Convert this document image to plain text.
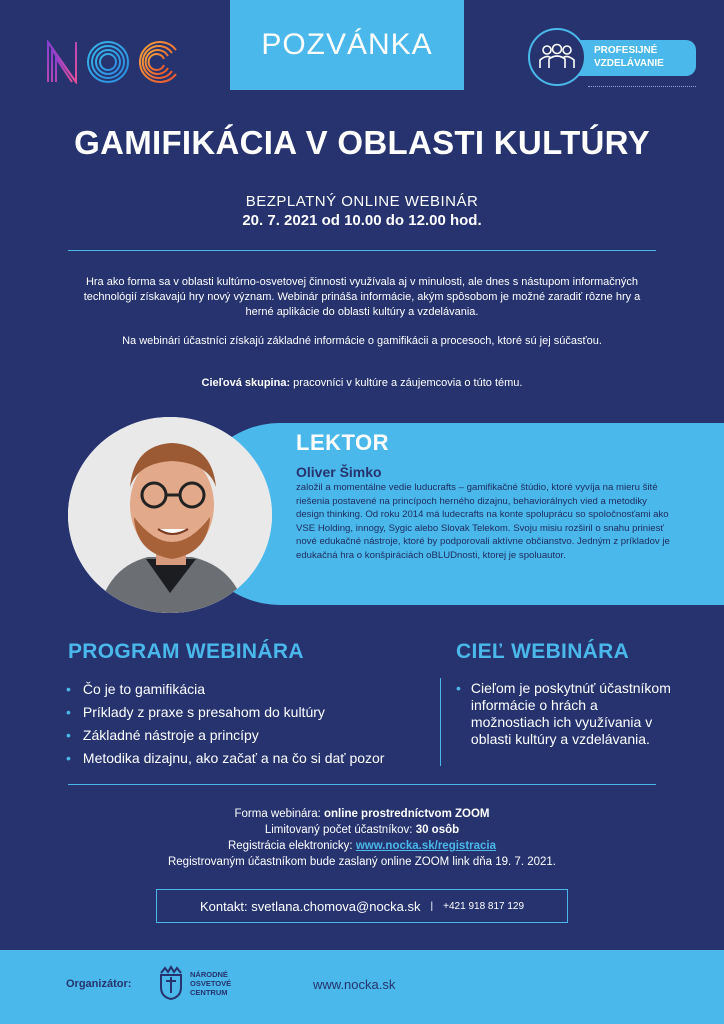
POZVÁNKA	PROFESIJNÉ
VZDELÁVANIE
GAMIFIKÁCIA V OBLASTI KULTÚRY
BEZPLATNÝ ONLINE WEBINÁR
20. 7. 2021 od 10.00 do 12.00 hod.

Hra ako forma sa v oblasti kultúrno-osvetovej činnosti využívala aj v minulosti, ale dnes s nástupom informačných technológií získavajú hry nový význam. Webinár prináša informácie, akým spôsobom je možné zaradiť rôzne hry a herné aplikácie do oblasti kultúry a vzdelávania.

Na webinári účastníci získajú základné informácie o gamifikácii a procesoch, ktoré sú jej súčasťou.

Cieľová skupina: pracovníci v kultúre a záujemcovia o túto tému.

LEKTOR
Oliver Šimko

založil a momentálne vedie luducrafts – gamifikačné štúdio, ktoré vyvíja na mieru šité riešenia postavené na princípoch herného dizajnu, behaviorálnych vied a metodiky design thinking. Od roku 2014 má ludecrafts na konte spoluprácu so spoločnosťami ako VSE Holding, innogy, Sygic alebo Slovak Telekom. Svoju misiu rozširil o snahu priniesť nové edukačné nástroje, ktoré by podporovali aktívne občianstvo. Jedným z príkladov je edukačná hra o konšpiráciách oBLUDnosti, ktorej je spoluautor.

PROGRAM WEBINÁRA	CIEĽ WEBINÁRA
• Čo je to gamifikácia
• Príklady z praxe s presahom do kultúry
• Základné nástroje a princípy
• Metodika dizajnu, ako začať a na čo si dať pozor
• Cieľom je poskytnúť účastníkom informácie o hrách a možnostiach ich využívania v oblasti kultúry a vzdelávania.
Forma webinára: online prostredníctvom ZOOM
Limitovaný počet účastníkov: 30 osôb
Registrácia elektronicky: www.nocka.sk/registracia
Registrovaným účastníkom bude zaslaný online ZOOM link dňa 19. 7. 2021.
Kontakt: svetlana.chomova@nocka.sk | +421 918 817 129
Organizátor:
NÁRODNÉ
OSVETOVÉ
CENTRUM
www.nocka.sk
